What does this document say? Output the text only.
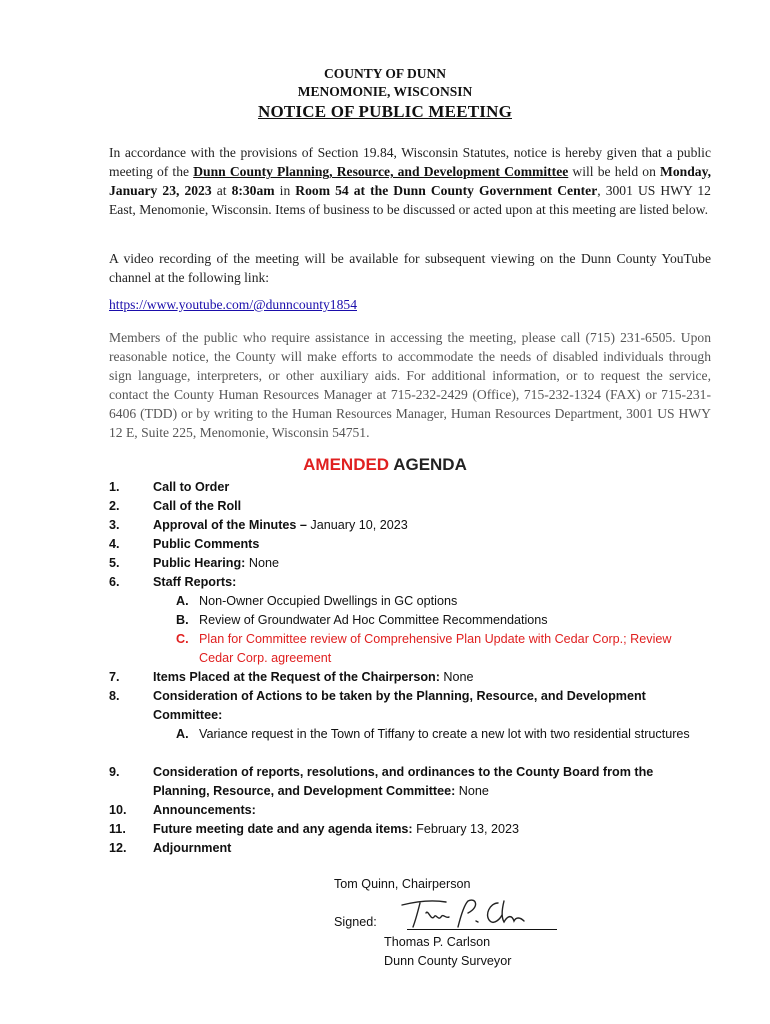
COUNTY OF DUNN
MENOMONIE, WISCONSIN
NOTICE OF PUBLIC MEETING
In accordance with the provisions of Section 19.84, Wisconsin Statutes, notice is hereby given that a public meeting of the Dunn County Planning, Resource, and Development Committee will be held on Monday, January 23, 2023 at 8:30am in Room 54 at the Dunn County Government Center, 3001 US HWY 12 East, Menomonie, Wisconsin. Items of business to be discussed or acted upon at this meeting are listed below.
A video recording of the meeting will be available for subsequent viewing on the Dunn County YouTube channel at the following link:
https://www.youtube.com/@dunncounty1854
Members of the public who require assistance in accessing the meeting, please call (715) 231-6505. Upon reasonable notice, the County will make efforts to accommodate the needs of disabled individuals through sign language, interpreters, or other auxiliary aids. For additional information, or to request the service, contact the County Human Resources Manager at 715-232-2429 (Office), 715-232-1324 (FAX) or 715-231-6406 (TDD) or by writing to the Human Resources Manager, Human Resources Department, 3001 US HWY 12 E, Suite 225, Menomonie, Wisconsin 54751.
AMENDED AGENDA
1.	Call to Order
2.	Call of the Roll
3.	Approval of the Minutes – January 10, 2023
4.	Public Comments
5.	Public Hearing: None
6.	Staff Reports:
A. Non-Owner Occupied Dwellings in GC options
B. Review of Groundwater Ad Hoc Committee Recommendations
C. Plan for Committee review of Comprehensive Plan Update with Cedar Corp.; Review Cedar Corp. agreement
7.	Items Placed at the Request of the Chairperson: None
8.	Consideration of Actions to be taken by the Planning, Resource, and Development Committee:
A. Variance request in the Town of Tiffany to create a new lot with two residential structures
9.	Consideration of reports, resolutions, and ordinances to the County Board from the Planning, Resource, and Development Committee: None
10. Announcements:
11. Future meeting date and any agenda items: February 13, 2023
12. Adjournment
Tom Quinn, Chairperson
Signed:
Thomas P. Carlson
Dunn County Surveyor
